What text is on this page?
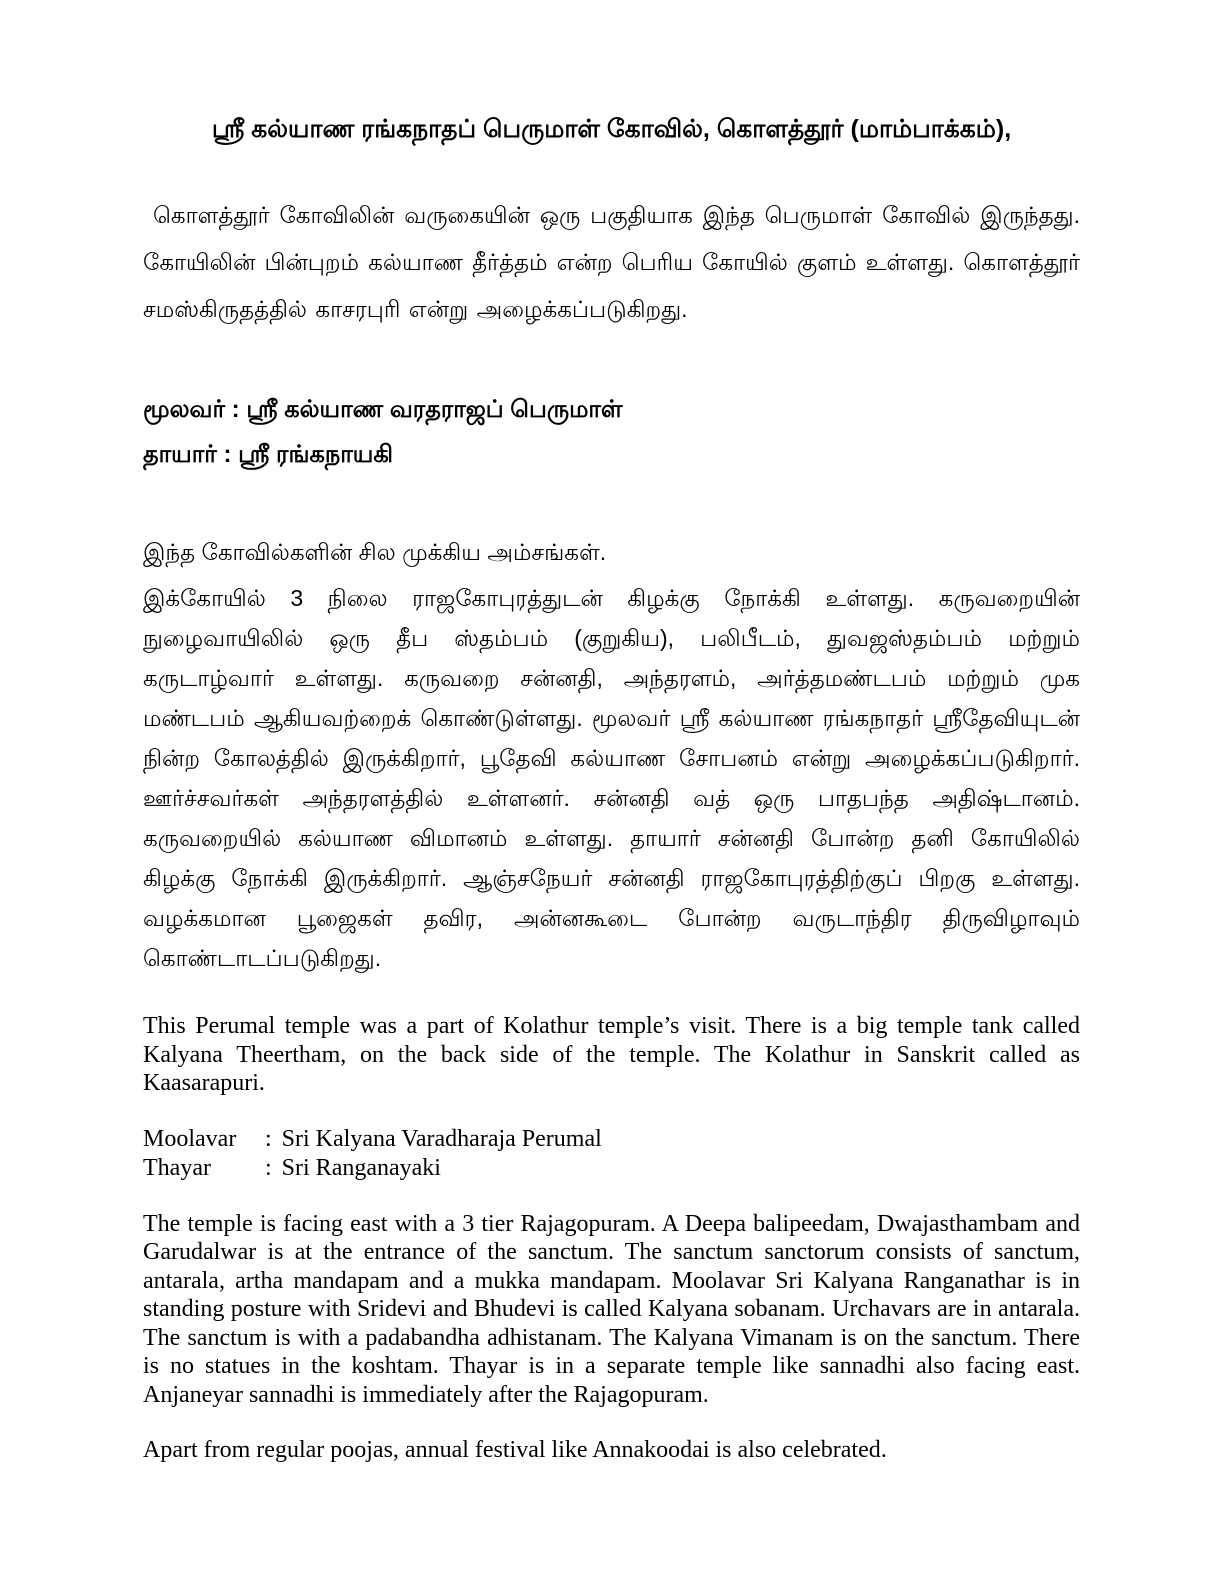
ஸ்ரீ கல்யாண ரங்கநாதப் பெருமாள் கோவில், கொளத்தூர் (மாம்பாக்கம்),

கொளத்தூர் கோவிலின் வருகையின் ஒரு பகுதியாக இந்த பெருமாள் கோவில் இருந்தது. கோயிலின் பின்புறம் கல்யாண தீர்த்தம் என்ற பெரிய கோயில் குளம் உள்ளது. கொளத்தூர் சமஸ்கிருதத்தில் காசரபுரி என்று அழைக்கப்படுகிறது.

மூலவர் : ஸ்ரீ கல்யாண வரதராஜப் பெருமாள்
தாயார் : ஸ்ரீ ரங்கநாயகி
இந்த கோவில்களின் சில முக்கிய அம்சங்கள்.

இக்கோயில் 3 நிலை ராஜகோபுரத்துடன் கிழக்கு நோக்கி உள்ளது. கருவறையின் நுழைவாயிலில் ஒரு தீப ஸ்தம்பம் (குறுகிய), பலிபீடம், துவஜஸ்தம்பம் மற்றும் கருடாழ்வார் உள்ளது. கருவறை சன்னதி, அந்தரளம், அர்த்தமண்டபம் மற்றும் முக மண்டபம் ஆகியவற்றைக் கொண்டுள்ளது. மூலவர் ஸ்ரீ கல்யாண ரங்கநாதர் ஸ்ரீதேவியுடன் நின்ற கோலத்தில் இருக்கிறார், பூதேவி கல்யாண சோபனம் என்று அழைக்கப்படுகிறார். ஊர்ச்சவர்கள் அந்தரளத்தில் உள்ளனர். சன்னதி வத் ஒரு பாதபந்த அதிஷ்டானம். கருவறையில் கல்யாண விமானம் உள்ளது. தாயார் சன்னதி போன்ற தனி கோயிலில் கிழக்கு நோக்கி இருக்கிறார். ஆஞ்சநேயர் சன்னதி ராஜகோபுரத்திற்குப் பிறகு உள்ளது. வழக்கமான பூஜைகள் தவிர, அன்னகூடை போன்ற வருடாந்திர திருவிழாவும் கொண்டாடப்படுகிறது.

This Perumal temple was a part of Kolathur temple’s visit. There is a big temple tank called Kalyana Theertham, on the back side of the temple. The Kolathur in Sanskrit called as Kaasarapuri.

Moolavar	: Sri Kalyana Varadharaja Perumal
Thayar	: Sri Ranganayaki

The temple is facing east with a 3 tier Rajagopuram. A Deepa balipeedam, Dwajasthambam and Garudalwar is at the entrance of the sanctum. The sanctum sanctorum consists of sanctum, antarala, artha mandapam and a mukka mandapam. Moolavar Sri Kalyana Ranganathar is in standing posture with Sridevi and Bhudevi is called Kalyana sobanam. Urchavars are in antarala. The sanctum is with a padabandha adhistanam. The Kalyana Vimanam is on the sanctum. There is no statues in the koshtam. Thayar is in a separate temple like sannadhi also facing east. Anjaneyar sannadhi is immediately after the Rajagopuram.

Apart from regular poojas, annual festival like Annakoodai is also celebrated.
